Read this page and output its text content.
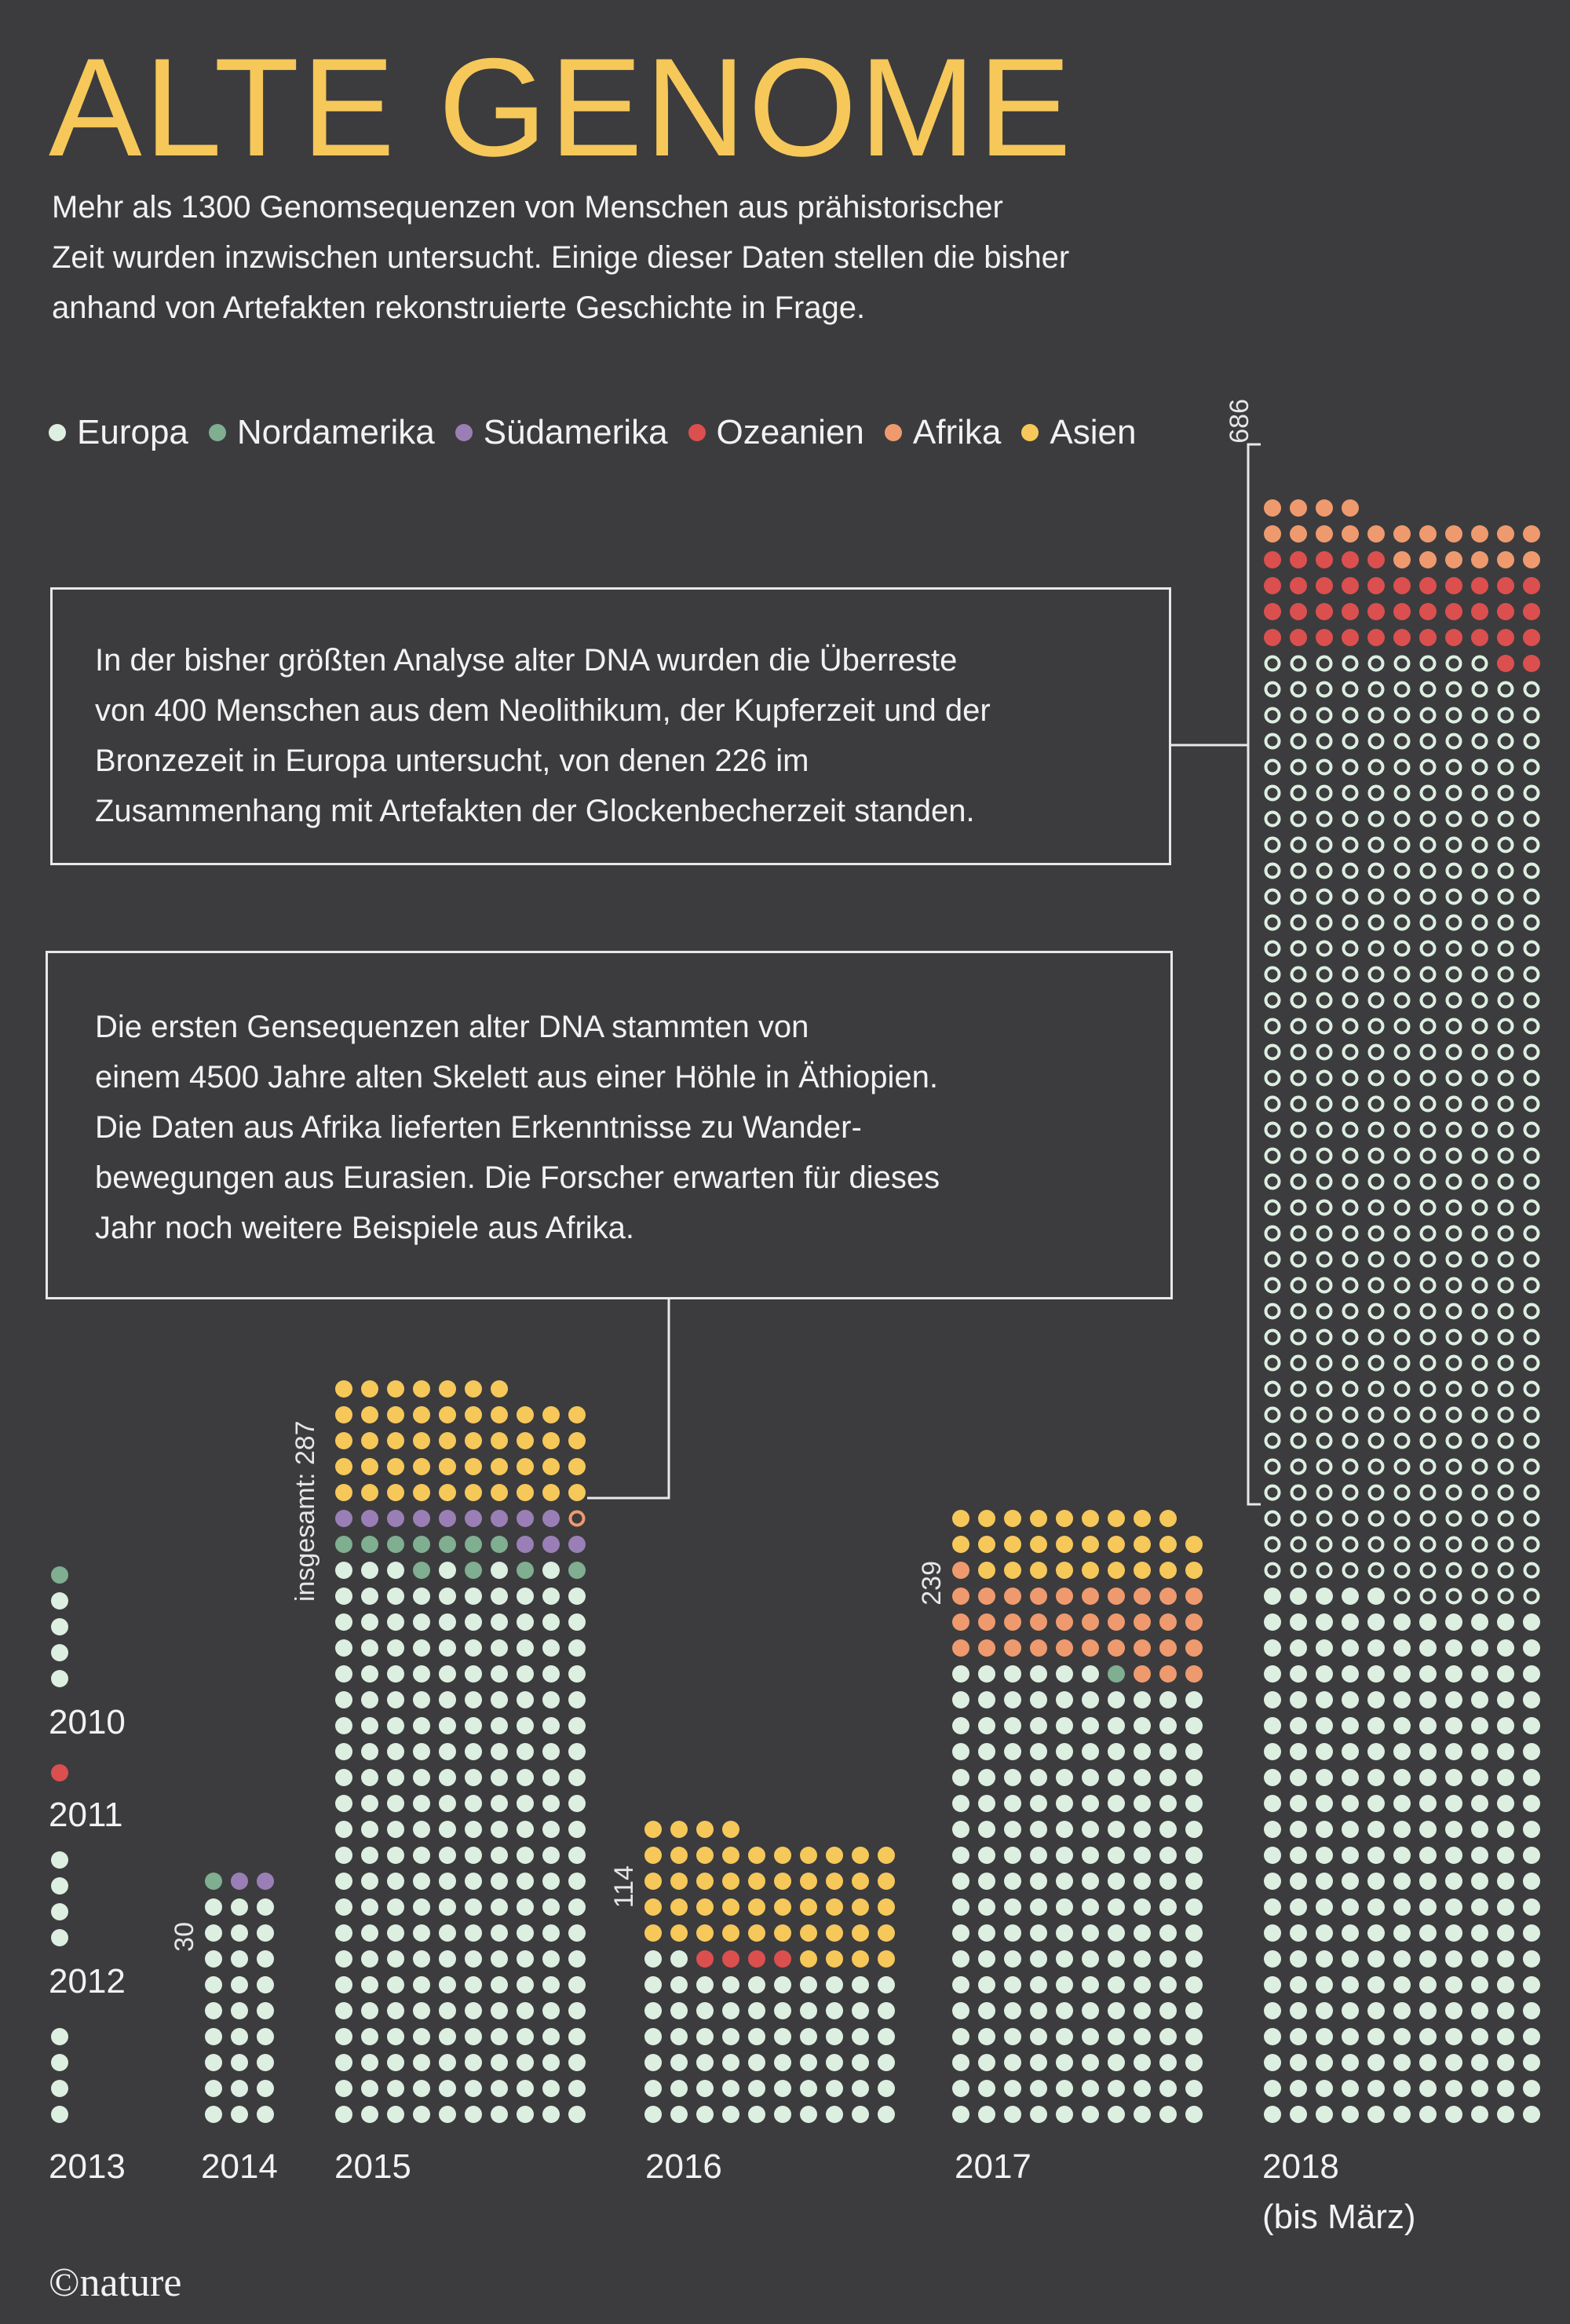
ALTE GENOME
Mehr als 1300 Genomsequenzen von Menschen aus prähistorischer
Zeit wurden inzwischen untersucht. Einige dieser Daten stellen die bisher
anhand von Artefakten rekonstruierte Geschichte in Frage.
Europa Nordamerika Südamerika Ozeanien Afrika Asien
In der bisher größten Analyse alter DNA wurden die Überreste
von 400 Menschen aus dem Neolithikum, der Kupferzeit und der
Bronzezeit in Europa untersucht, von denen 226 im
Zusammenhang mit Artefakten der Glockenbecherzeit standen.
Die ersten Gensequenzen alter DNA stammten von
einem 4500 Jahre alten Skelett aus einer Höhle in Äthiopien.
Die Daten aus Afrika lieferten Erkenntnisse zu Wander-
bewegungen aus Eurasien. Die Forscher erwarten für dieses
Jahr noch weitere Beispiele aus Afrika.
2010
2011
2012
2013
30
2014
insgesamt: 287
2015
114
2016
239
2017
686
2018
(bis März)
©nature
